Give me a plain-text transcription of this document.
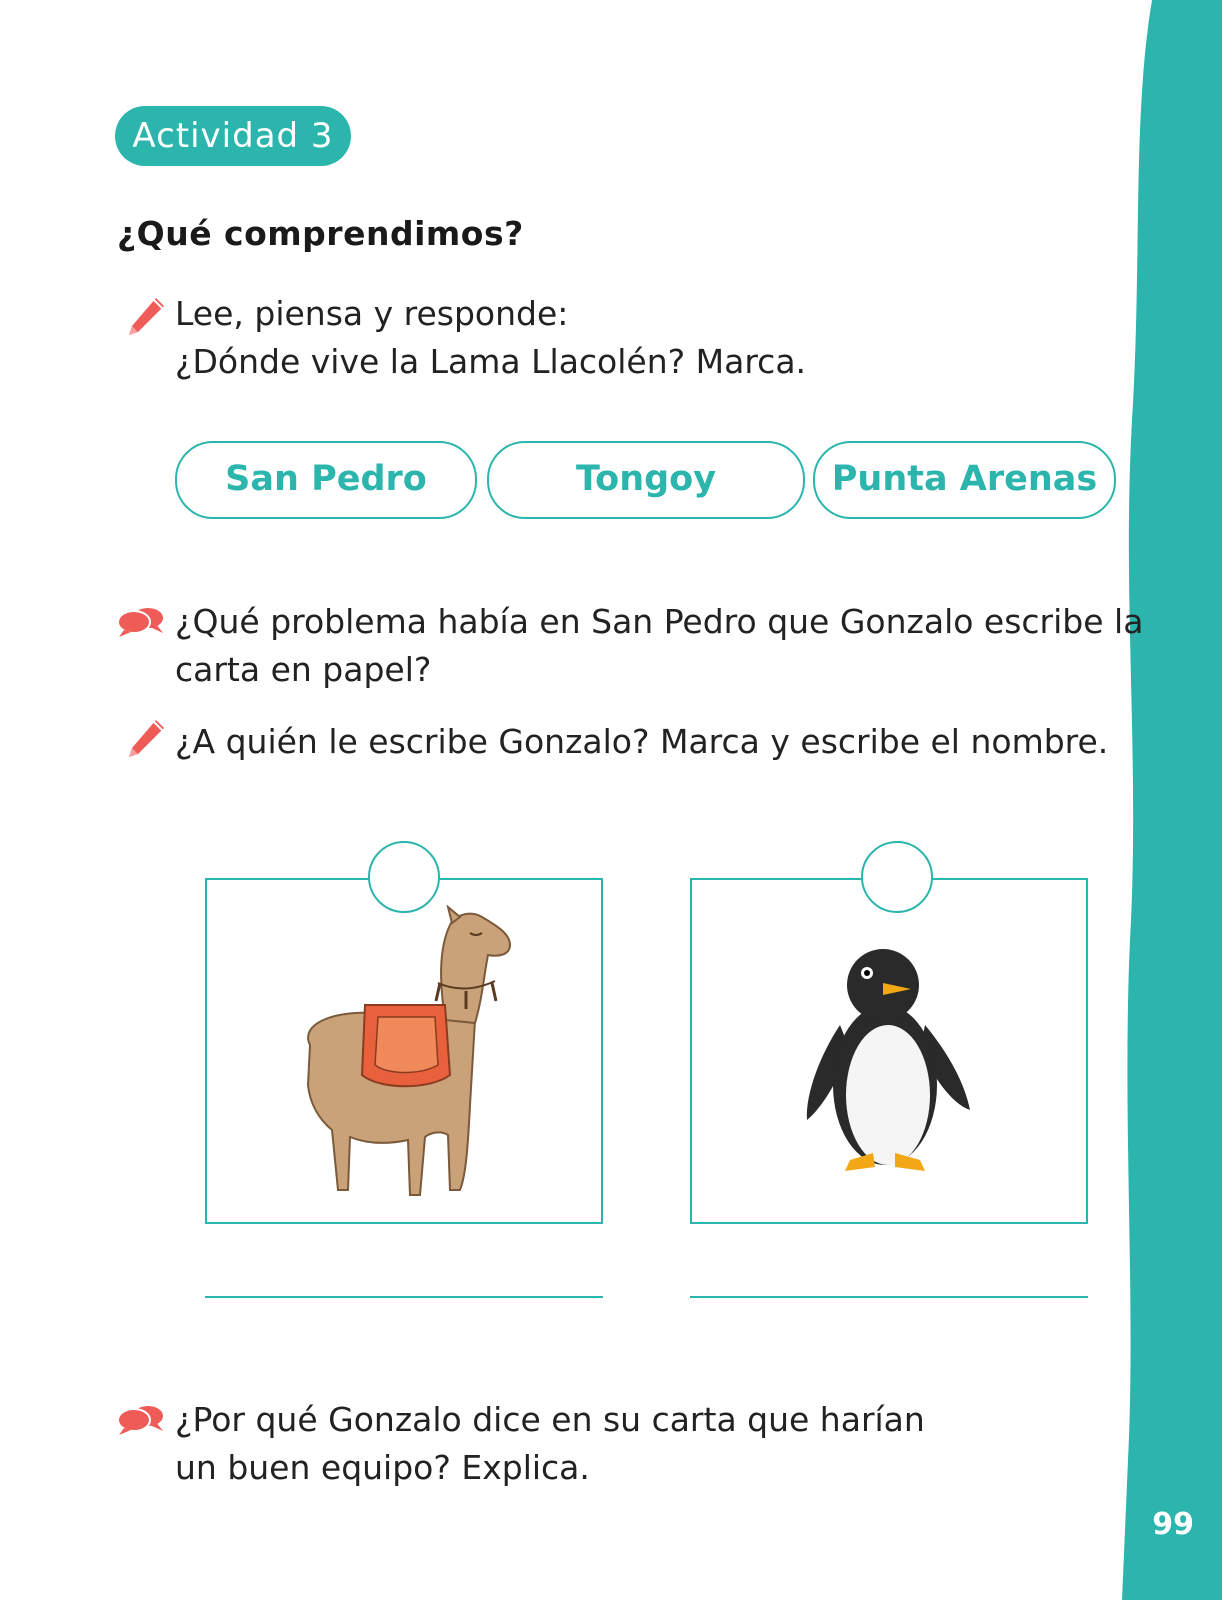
99
Actividad 3
¿Qué comprendimos?
Lee, piensa y responde:
¿Dónde vive la Lama Llacolén? Marca.
San Pedro	Tongoy	Punta Arenas
¿Qué problema había en San Pedro que Gonzalo escribe la
carta en papel?
¿A quién le escribe Gonzalo? Marca y escribe el nombre.
¿Por qué Gonzalo dice en su carta que harían
un buen equipo? Explica.
